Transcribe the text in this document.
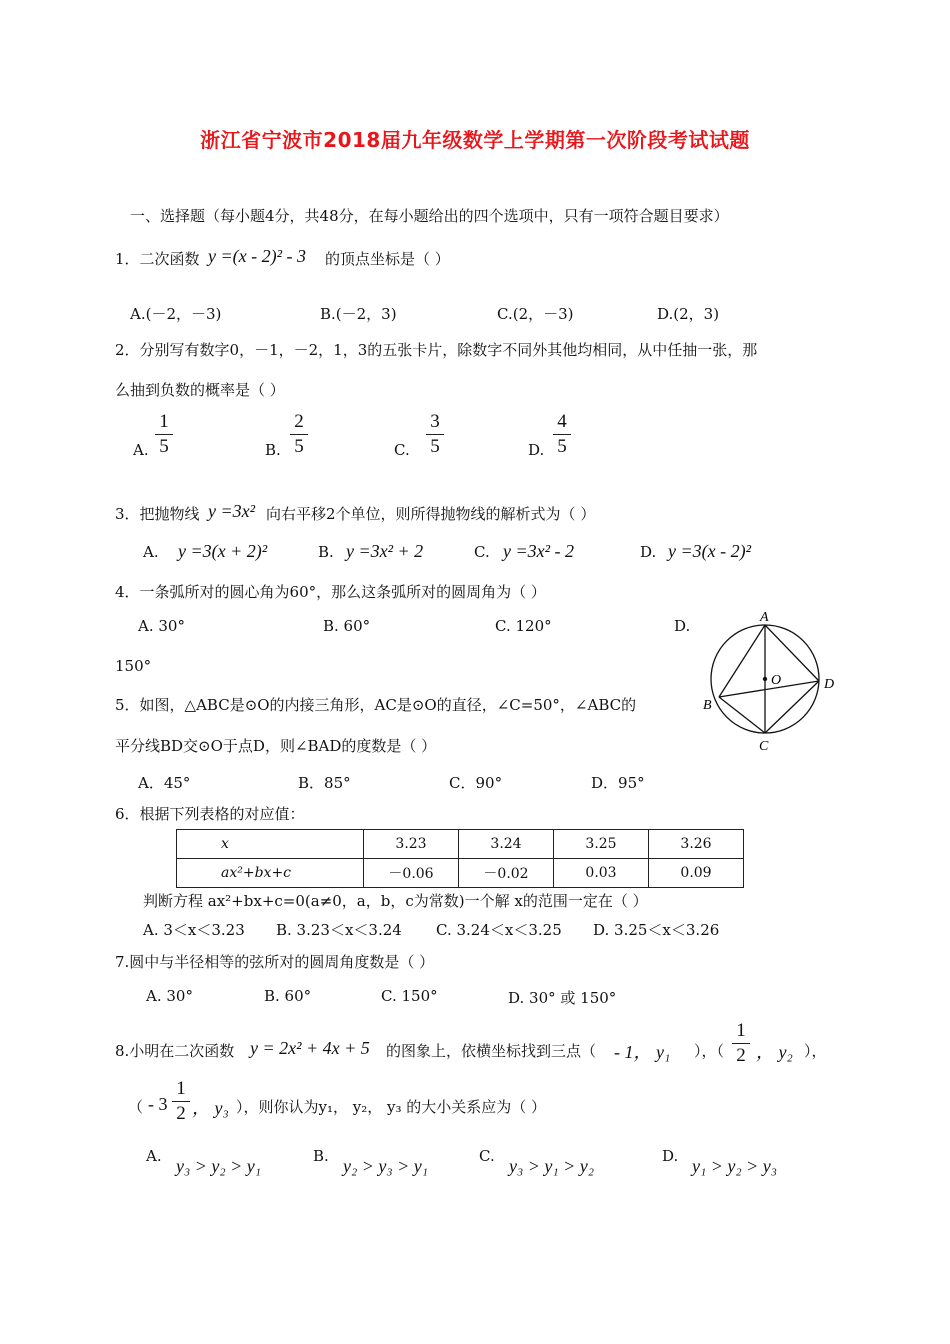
浙江省宁波市2018届九年级数学上学期第一次阶段考试试题
一、选择题（每小题4分，共48分，在每小题给出的四个选项中，只有一项符合题目要求）
1．二次函数 y =(x - 2)² - 3 的顶点坐标是（ ）
A.(－2，－3)	B.(－2，3)	C.(2，－3)	D.(2，3)
2．分别写有数字0，－1，－2，1，3的五张卡片，除数字不同外其他均相同，从中任抽一张，那
么抽到负数的概率是（ ）
A.
1
5	B.
2
5	C.
3
5	D.
4
5
3．把抛物线 y =3x² 向右平移2个单位，则所得抛物线的解析式为（ ）
A. y =3(x + 2)²	B. y =3x² + 2	C. y =3x² - 2	D. y =3(x - 2)²
4．一条弧所对的圆心角为60°，那么这条弧所对的圆周角为（ ）
A. 30°	B. 60°	C. 120°	D.
150°
A
B
C
D
O
5．如图，△ABC是⊙O的内接三角形，AC是⊙O的直径，∠C=50°，∠ABC的
平分线BD交⊙O于点D，则∠BAD的度数是（ ）
A．45°	B．85°	C．90°	D．95°
6．根据下列表格的对应值：
x	3.23	3.24	3.25	3.26
ax²+bx+c	－0.06	－0.02	0.03	0.09
判断方程 ax²+bx+c=0(a≠0，a，b，c为常数)一个解 x的范围一定在（ ）
A. 3＜x＜3.23 B. 3.23＜x＜3.24 C. 3.24＜x＜3.25 D. 3.25＜x＜3.26
7.圆中与半径相等的弦所对的圆周角度数是（ ）
A. 30°	B. 60°	C. 150°	D. 30° 或 150°
8.小明在二次函数 y = 2x² + 4x + 5 的图象上，依横坐标找到三点（ - 1， y₁ ），（
1
2 ， y₂ ），
（ - 3
1
2 ， y₃ ），则你认为y₁， y₂， y₃ 的大小关系应为（ ）
A. y₃ > y₂ > y₁	B. y₂ > y₃ > y₁	C. y₃ > y₁ > y₂	D. y₁ > y₂ > y₃
